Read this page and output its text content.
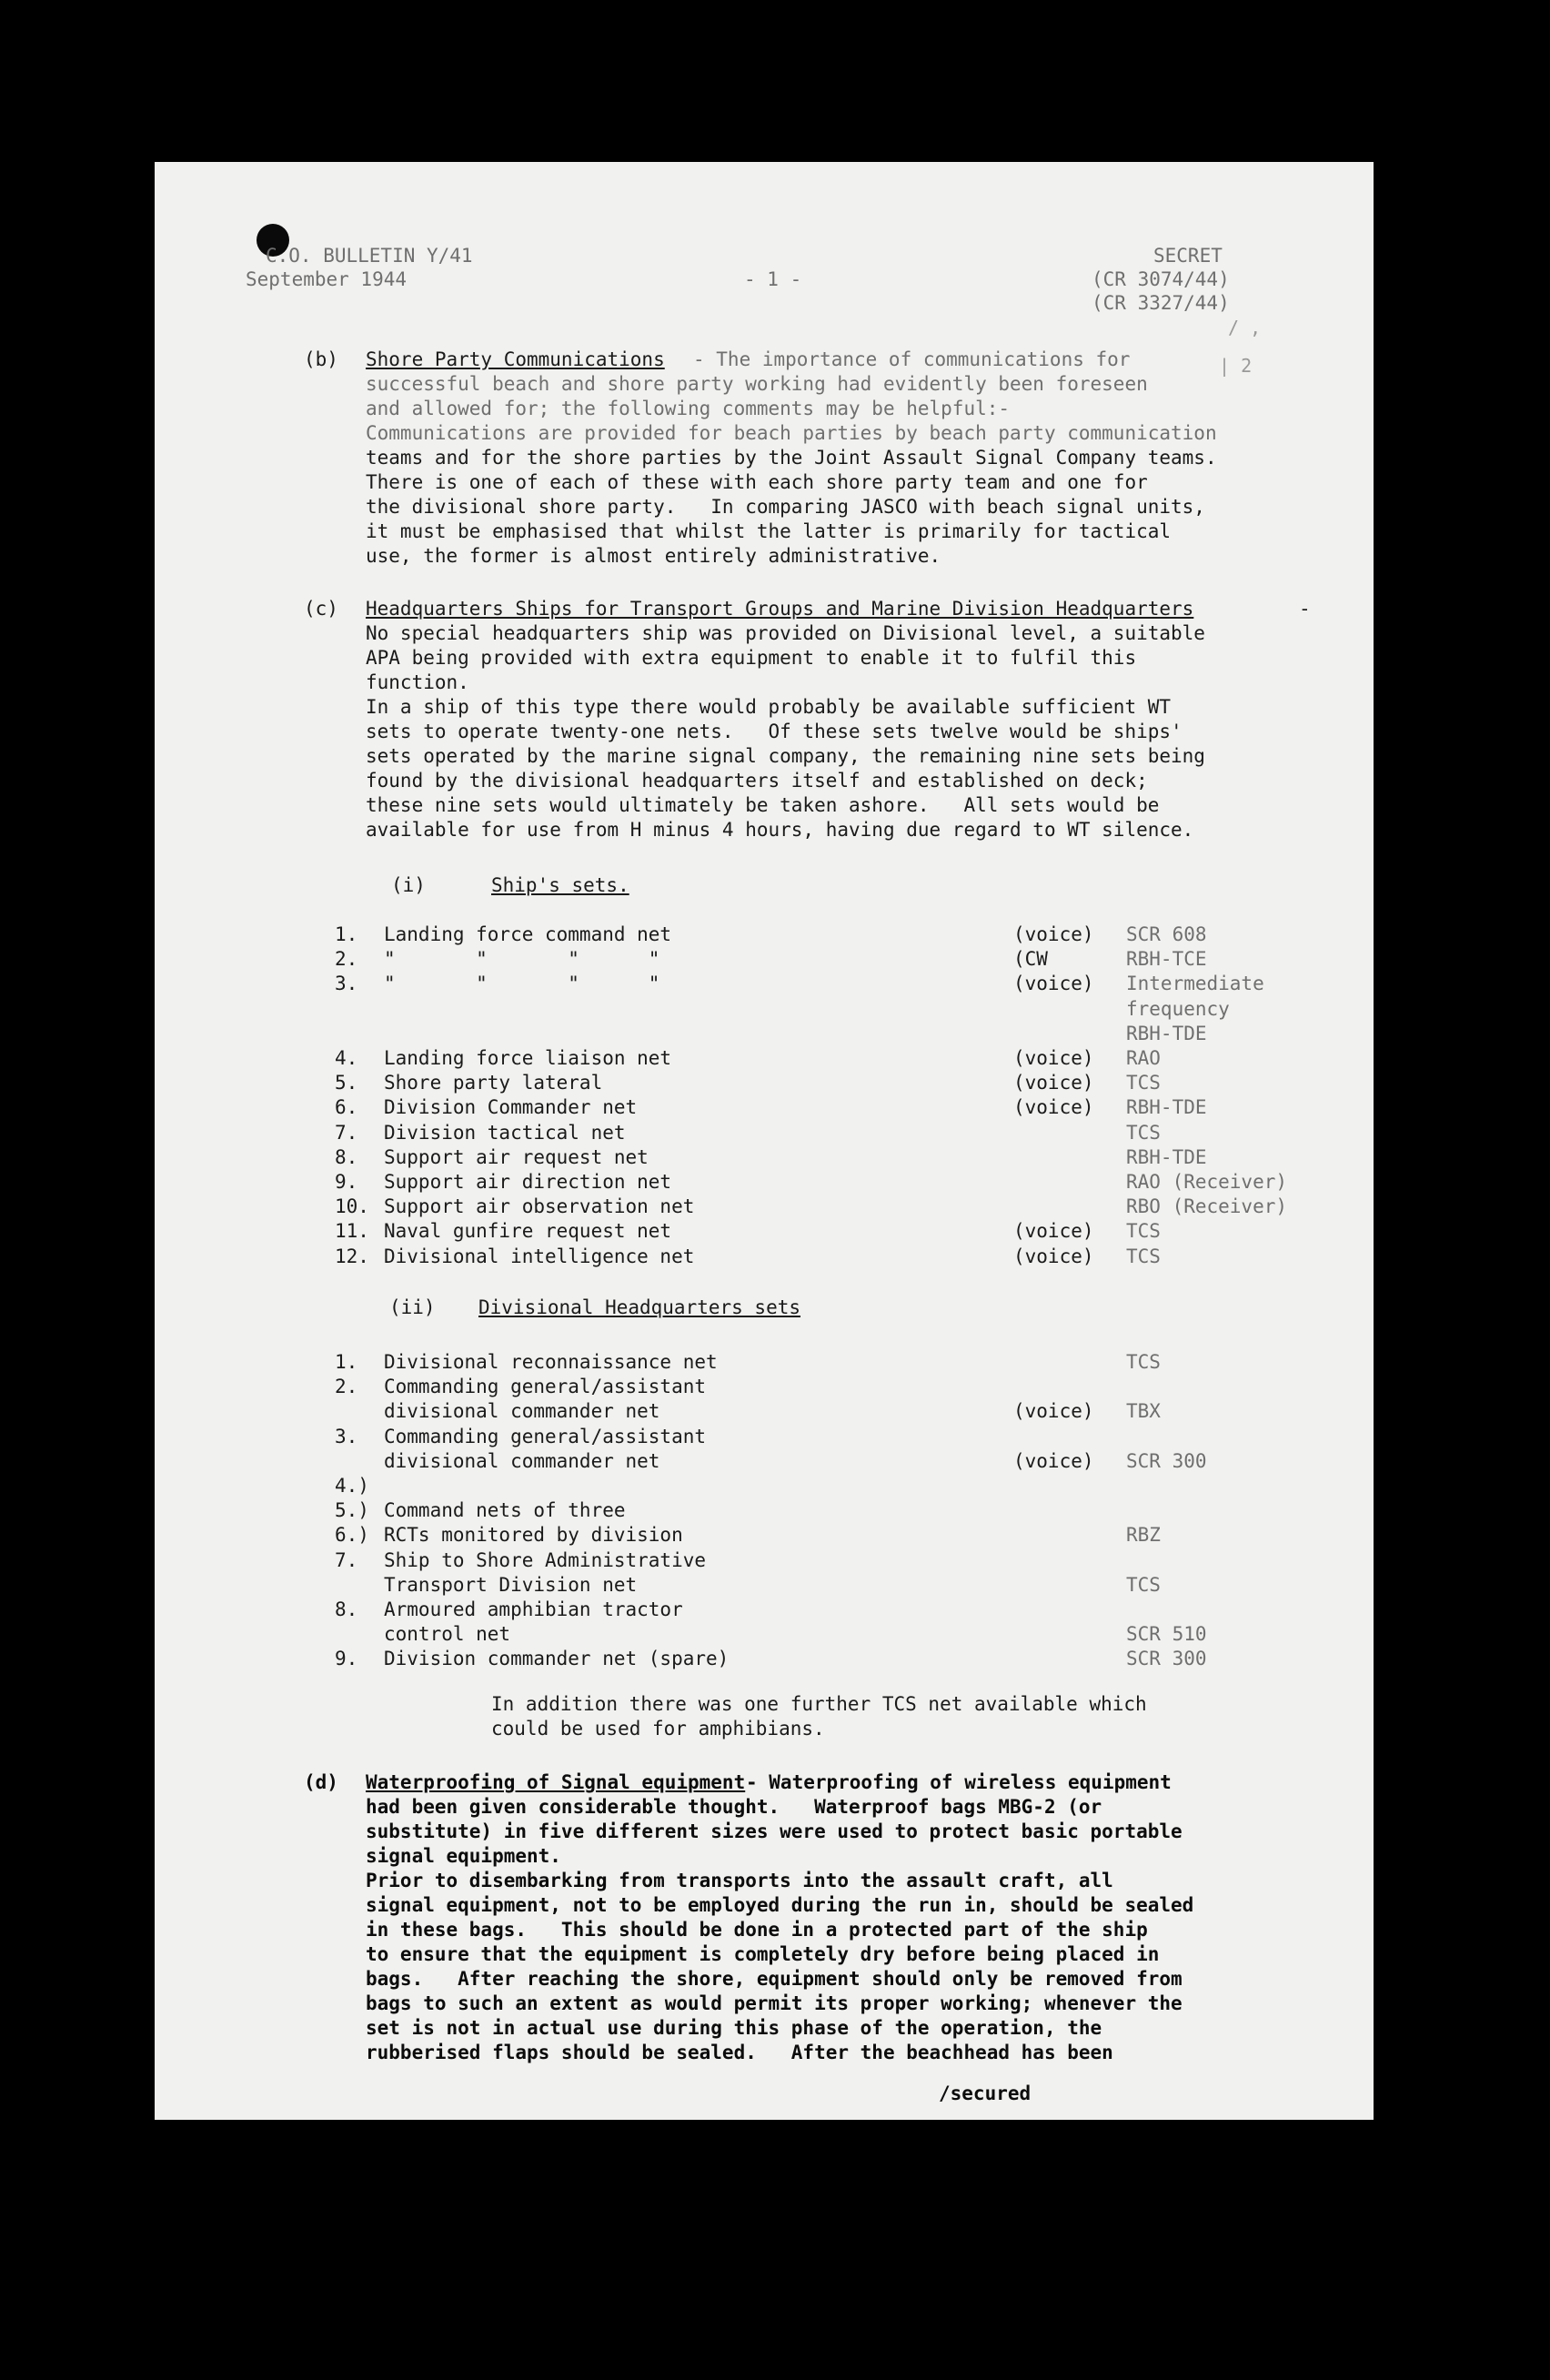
C.O. BULLETIN Y/41
September 1944	- 1 -
SECRET
(CR 3074/44)
(CR 3327/44)
/ ,
| 2
(b) Shore Party Communications - The importance of communications for
successful beach and shore party working had evidently been foreseen
and allowed for; the following comments may be helpful:-
Communications are provided for beach parties by beach party communication
teams and for the shore parties by the Joint Assault Signal Company teams.
There is one of each of these with each shore party team and one for
the divisional shore party.   In comparing JASCO with beach signal units,
it must be emphasised that whilst the latter is primarily for tactical
use, the former is almost entirely administrative.
(c) Headquarters Ships for Transport Groups and Marine Division Headquarters	-
No special headquarters ship was provided on Divisional level, a suitable
APA being provided with extra equipment to enable it to fulfil this
function.
In a ship of this type there would probably be available sufficient WT
sets to operate twenty-one nets.   Of these sets twelve would be ships'
sets operated by the marine signal company, the remaining nine sets being
found by the divisional headquarters itself and established on deck;
these nine sets would ultimately be taken ashore.   All sets would be
available for use from H minus 4 hours, having due regard to WT silence.
(i)	Ship's sets.
1. Landing force command net	(voice) SCR 608
2. "       "       "      "	(CW RBH-TCE
3. "       "       "      "	(voice) Intermediate
frequency
RBH-TDE
4. Landing force liaison net	(voice) RAO
5. Shore party lateral	(voice) TCS
6. Division Commander net	(voice) RBH-TDE
7. Division tactical net	TCS
8. Support air request net	RBH-TDE
9. Support air direction net	RAO (Receiver)
10. Support air observation net	RBO (Receiver)
11. Naval gunfire request net	(voice) TCS
12. Divisional intelligence net	(voice) TCS
(ii) Divisional Headquarters sets
1. Divisional reconnaissance net	TCS
2. Commanding general/assistant
divisional commander net	(voice) TBX
3. Commanding general/assistant
divisional commander net	(voice) SCR 300
4.)
5.) Command nets of three
6.) RCTs monitored by division	RBZ
7. Ship to Shore Administrative
Transport Division net	TCS
8. Armoured amphibian tractor
control net	SCR 510
9. Division commander net (spare)	SCR 300
In addition there was one further TCS net available which
could be used for amphibians.
(d) Waterproofing of Signal equipment - Waterproofing of wireless equipment
had been given considerable thought.   Waterproof bags MBG-2 (or
substitute) in five different sizes were used to protect basic portable
signal equipment.
Prior to disembarking from transports into the assault craft, all
signal equipment, not to be employed during the run in, should be sealed
in these bags.   This should be done in a protected part of the ship
to ensure that the equipment is completely dry before being placed in
bags.   After reaching the shore, equipment should only be removed from
bags to such an extent as would permit its proper working; whenever the
set is not in actual use during this phase of the operation, the
rubberised flaps should be sealed.   After the beachhead has been
/secured
